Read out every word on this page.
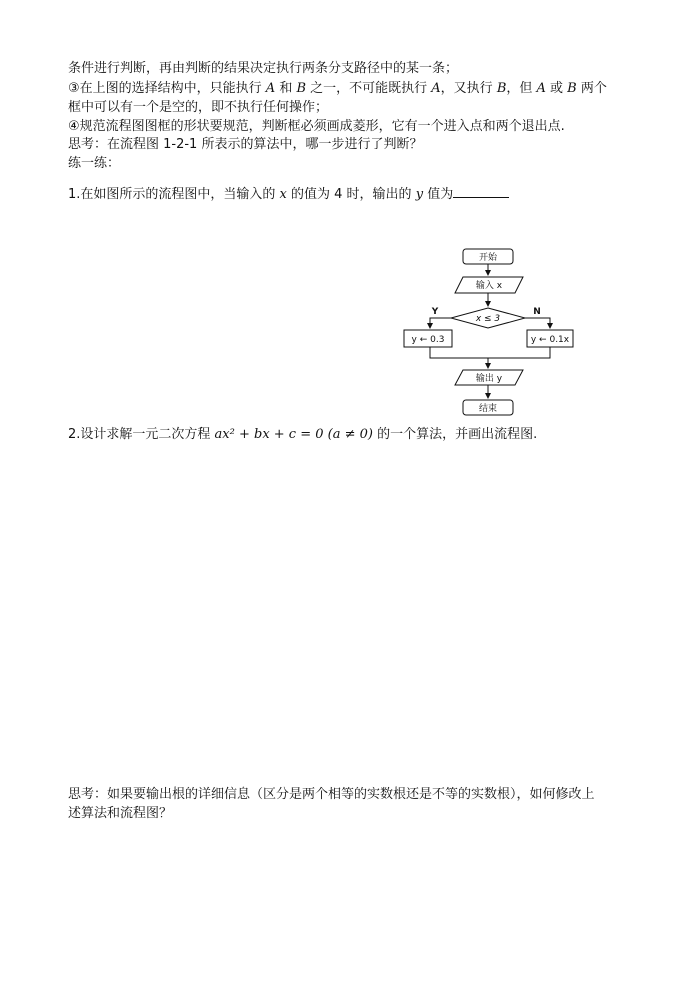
条件进行判断，再由判断的结果决定执行两条分支路径中的某一条；
③在上图的选择结构中，只能执行 A 和 B 之一，不可能既执行 A，又执行 B，但 A 或 B 两个
框中可以有一个是空的，即不执行任何操作；
④规范流程图图框的形状要规范，判断框必须画成菱形，它有一个进入点和两个退出点.
思考：在流程图 1-2-1 所表示的算法中，哪一步进行了判断？
练一练：
1.在如图所示的流程图中，当输入的 x 的值为 4 时，输出的 y 值为
开始
输入 x
x ≤ 3
Y	N
y ← 0.3	y ← 0.1x
输出 y
结束
2.设计求解一元二次方程 ax² + bx + c = 0 (a ≠ 0) 的一个算法，并画出流程图.
思考：如果要输出根的详细信息（区分是两个相等的实数根还是不等的实数根），如何修改上
述算法和流程图？
